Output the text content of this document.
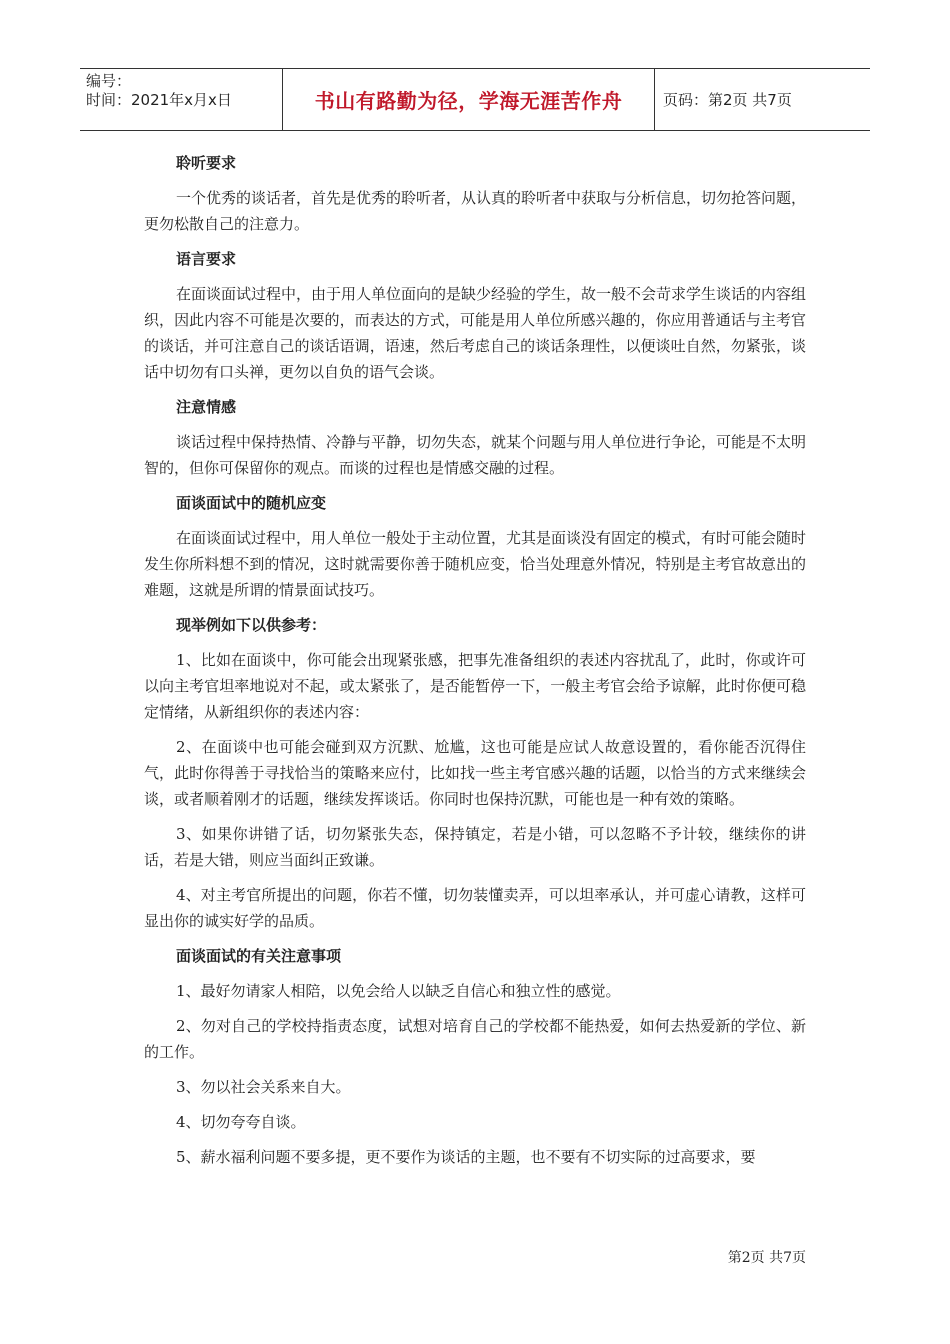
编号：
时间：2021年x月x日	书山有路勤为径，学海无涯苦作舟	页码：第2页 共7页
聆听要求
一个优秀的谈话者，首先是优秀的聆听者，从认真的聆听者中获取与分析信息，切勿抢答问题，更勿松散自己的注意力。
语言要求
在面谈面试过程中，由于用人单位面向的是缺少经验的学生，故一般不会苛求学生谈话的内容组织，因此内容不可能是次要的，而表达的方式，可能是用人单位所感兴趣的，你应用普通话与主考官的谈话，并可注意自己的谈话语调，语速，然后考虑自己的谈话条理性，以便谈吐自然，勿紧张，谈话中切勿有口头禅，更勿以自负的语气会谈。
注意情感
谈话过程中保持热情、冷静与平静，切勿失态，就某个问题与用人单位进行争论，可能是不太明智的，但你可保留你的观点。而谈的过程也是情感交融的过程。
面谈面试中的随机应变
在面谈面试过程中，用人单位一般处于主动位置，尤其是面谈没有固定的模式，有时可能会随时发生你所料想不到的情况，这时就需要你善于随机应变，恰当处理意外情况，特别是主考官故意出的难题，这就是所谓的情景面试技巧。
现举例如下以供参考：
1、比如在面谈中，你可能会出现紧张感，把事先准备组织的表述内容扰乱了，此时，你或许可以向主考官坦率地说对不起，或太紧张了，是否能暂停一下，一般主考官会给予谅解，此时你便可稳定情绪，从新组织你的表述内容：
2、在面谈中也可能会碰到双方沉默、尬尴，这也可能是应试人故意设置的，看你能否沉得住气，此时你得善于寻找恰当的策略来应付，比如找一些主考官感兴趣的话题，以恰当的方式来继续会谈，或者顺着刚才的话题，继续发挥谈话。你同时也保持沉默，可能也是一种有效的策略。
3、如果你讲错了话，切勿紧张失态，保持镇定，若是小错，可以忽略不予计较，继续你的讲话，若是大错，则应当面纠正致谦。
4、对主考官所提出的问题，你若不懂，切勿装懂卖弄，可以坦率承认，并可虚心请教，这样可显出你的诚实好学的品质。
面谈面试的有关注意事项
1、最好勿请家人相陪，以免会给人以缺乏自信心和独立性的感觉。
2、勿对自己的学校持指责态度，试想对培育自己的学校都不能热爱，如何去热爱新的学位、新的工作。
3、勿以社会关系来自大。
4、切勿夸夸自谈。
5、薪水福利问题不要多提，更不要作为谈话的主题，也不要有不切实际的过高要求，要
第2页 共7页
